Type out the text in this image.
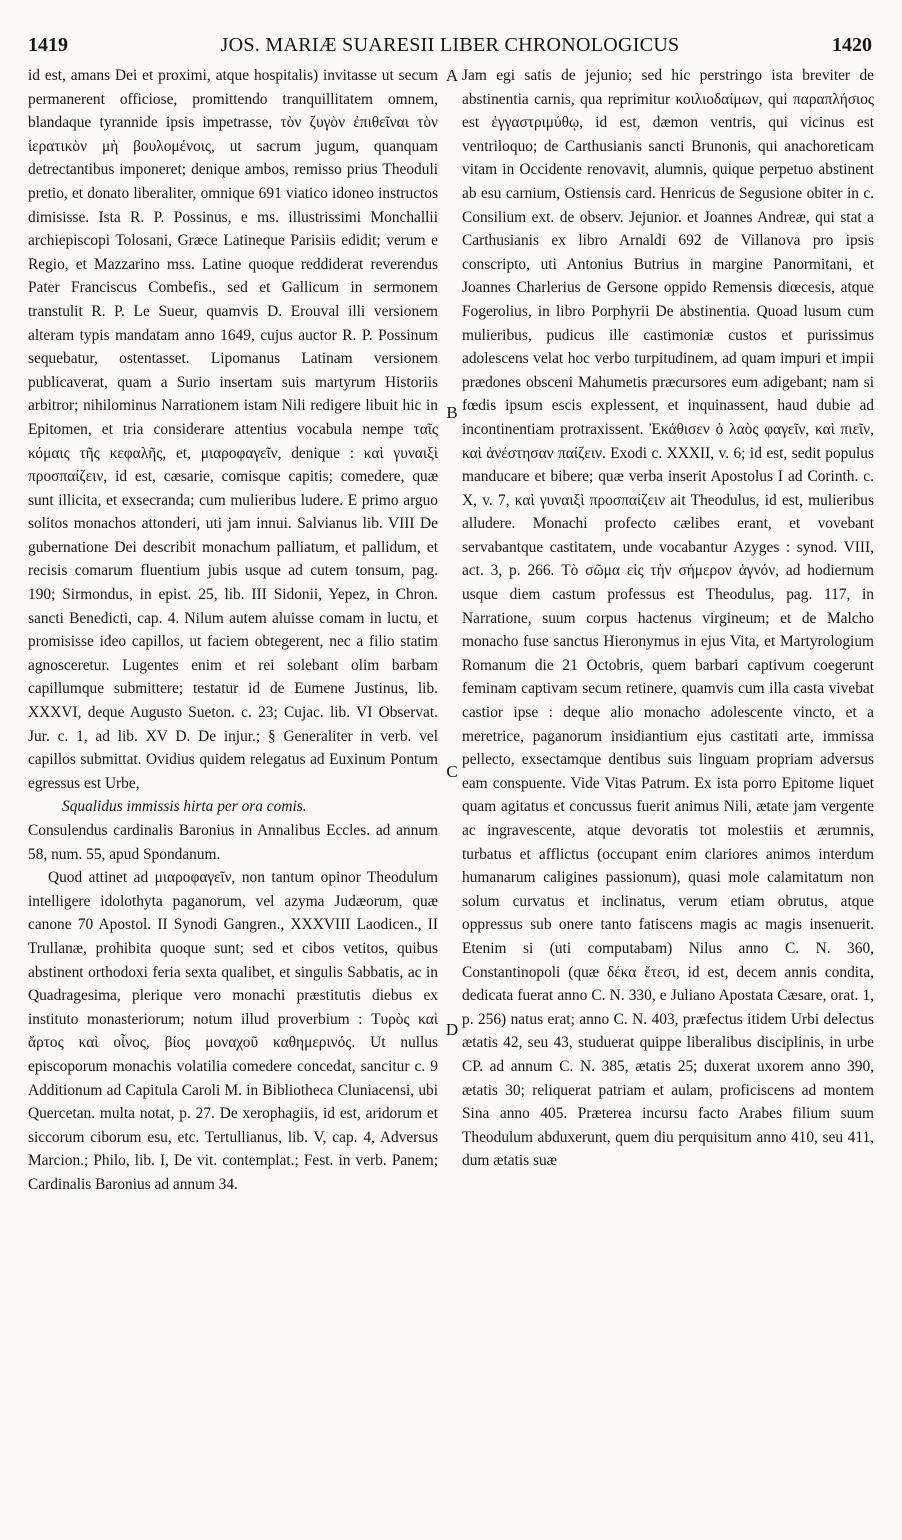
1419	JOS. MARIÆ SUARESII LIBER CHRONOLOGICUS	1420

id est, amans Dei et proximi, atque hospitalis) invitasse ut secum permanerent officiose, promittendo tranquillitatem omnem, blandaque tyrannide ipsis impetrasse, τὸν ζυγὸν ἐπιθεῖναι τὸν ἱερατικὸν μὴ βουλομένοις, ut sacrum jugum, quanquam detrectantibus imponeret; denique ambos, remisso prius Theoduli pretio, et donato liberaliter, omnique 691 viatico idoneo instructos dimisisse. Ista R. P. Possinus, e ms. illustrissimi Monchallii archiepiscopi Tolosani, Græce Latineque Parisiis edidit; verum e Regio, et Mazzarino mss. Latine quoque reddiderat reverendus Pater Franciscus Combefis., sed et Gallicum in sermonem transtulit R. P. Le Sueur, quamvis D. Erouval illi versionem alteram typis mandatam anno 1649, cujus auctor R. P. Possinum sequebatur, ostentasset. Lipomanus Latinam versionem publicaverat, quam a Surio insertam suis martyrum Historiis arbitror; nihilominus Narrationem istam Nili redigere libuit hic in Epitomen, et tria considerare attentius vocabula nempe ταῖς κόμαις τῆς κεφαλῆς, et, μιαροφαγεῖν, denique : καὶ γυναιξὶ προσπαίζειν, id est, cæsarie, comisque capitis; comedere, quæ sunt illicita, et exsecranda; cum mulieribus ludere. E primo arguo solitos monachos attonderi, uti jam innui. Salvianus lib. VIII De gubernatione Dei describit monachum palliatum, et pallidum, et recisis comarum fluentium jubis usque ad cutem tonsum, pag. 190; Sirmondus, in epist. 25, lib. III Sidonii, Yepez, in Chron. sancti Benedicti, cap. 4. Nilum autem aluisse comam in luctu, et promisisse ideo capillos, ut faciem obtegerent, nec a filio statim agnosceretur. Lugentes enim et rei solebant olim barbam capillumque submittere; testatur id de Eumene Justinus, lib. XXXVI, deque Augusto Sueton. c. 23; Cujac. lib. VI Observat. Jur. c. 1, ad lib. XV D. De injur.; § Generaliter in verb. vel capillos submittat. Ovidius quidem relegatus ad Euxinum Pontum egressus est Urbe,

Squalidus immissis hirta per ora comis.

Consulendus cardinalis Baronius in Annalibus Eccles. ad annum 58, num. 55, apud Spondanum.

Quod attinet ad μιαροφαγεῖν, non tantum opinor Theodulum intelligere idolothyta paganorum, vel azyma Judæorum, quæ canone 70 Apostol. II Synodi Gangren., XXXVIII Laodicen., II Trullanæ, prohibita quoque sunt; sed et cibos vetitos, quibus abstinent orthodoxi feria sexta qualibet, et singulis Sabbatis, ac in Quadragesima, plerique vero monachi præstitutis diebus ex instituto monasteriorum; notum illud proverbium : Τυρὸς καὶ ἄρτος καὶ οἶνος, βίος μοναχοῦ καθημερινός. Ut nullus episcoporum monachis volatilia comedere concedat, sancitur c. 9 Additionum ad Capitula Caroli M. in Bibliotheca Cluniacensi, ubi Quercetan. multa notat, p. 27. De xerophagiis, id est, aridorum et siccorum ciborum esu, etc. Tertullianus, lib. V, cap. 4, Adversus Marcion.; Philo, lib. I, De vit. contemplat.; Fest. in verb. Panem; Cardinalis Baronius ad annum 34.

A
B
C
D

Jam egi satis de jejunio; sed hic perstringo ista breviter de abstinentia carnis, qua reprimitur κοιλιοδαίμων, qui παραπλήσιος est ἐγγαστριμύθῳ, id est, dæmon ventris, qui vicinus est ventriloquo; de Carthusianis sancti Brunonis, qui anachoreticam vitam in Occidente renovavit, alumnis, quique perpetuo abstinent ab esu carnium, Ostiensis card. Henricus de Segusione obiter in c. Consilium ext. de observ. Jejunior. et Joannes Andreæ, qui stat a Carthusianis ex libro Arnaldi 692 de Villanova pro ipsis conscripto, uti Antonius Butrius in margine Panormitani, et Joannes Charlerius de Gersone oppido Remensis diœcesis, atque Fogerolius, in libro Porphyrii De abstinentia. Quoad lusum cum mulieribus, pudicus ille castimoniæ custos et purissimus adolescens velat hoc verbo turpitudinem, ad quam impuri et impii prædones obsceni Mahumetis præcursores eum adigebant; nam si fœdis ipsum escis explessent, et inquinassent, haud dubie ad incontinentiam protraxissent. Ἐκάθισεν ὁ λαὸς φαγεῖν, καὶ πιεῖν, καὶ ἀνέστησαν παίζειν. Exodi c. XXXII, v. 6; id est, sedit populus manducare et bibere; quæ verba inserit Apostolus I ad Corinth. c. X, v. 7, καὶ γυναιξὶ προσπαίζειν ait Theodulus, id est, mulieribus alludere. Monachi profecto cælibes erant, et vovebant servabantque castitatem, unde vocabantur Azyges : synod. VIII, act. 3, p. 266. Τὸ σῶμα εἰς τὴν σήμερον ἁγνόν, ad hodiernum usque diem castum professus est Theodulus, pag. 117, in Narratione, suum corpus hactenus virgineum; et de Malcho monacho fuse sanctus Hieronymus in ejus Vita, et Martyrologium Romanum die 21 Octobris, quem barbari captivum coegerunt feminam captivam secum retinere, quamvis cum illa casta vivebat castior ipse : deque alio monacho adolescente vincto, et a meretrice, paganorum insidiantium ejus castitati arte, immissa pellecto, exsectamque dentibus suis linguam propriam adversus eam conspuente. Vide Vitas Patrum. Ex ista porro Epitome liquet quam agitatus et concussus fuerit animus Nili, ætate jam vergente ac ingravescente, atque devoratis tot molestiis et ærumnis, turbatus et afflictus (occupant enim clariores animos interdum humanarum caligines passionum), quasi mole calamitatum non solum curvatus et inclinatus, verum etiam obrutus, atque oppressus sub onere tanto fatiscens magis ac magis insenuerit. Etenim si (uti computabam) Nilus anno C. N. 360, Constantinopoli (quæ δέκα ἔτεσι, id est, decem annis condita, dedicata fuerat anno C. N. 330, e Juliano Apostata Cæsare, orat. 1, p. 256) natus erat; anno C. N. 403, præfectus itidem Urbi delectus ætatis 42, seu 43, studuerat quippe liberalibus disciplinis, in urbe CP. ad annum C. N. 385, ætatis 25; duxerat uxorem anno 390, ætatis 30; reliquerat patriam et aulam, proficiscens ad montem Sina anno 405. Præterea incursu facto Arabes filium suum Theodulum abduxerunt, quem diu perquisitum anno 410, seu 411, dum ætatis suæ
